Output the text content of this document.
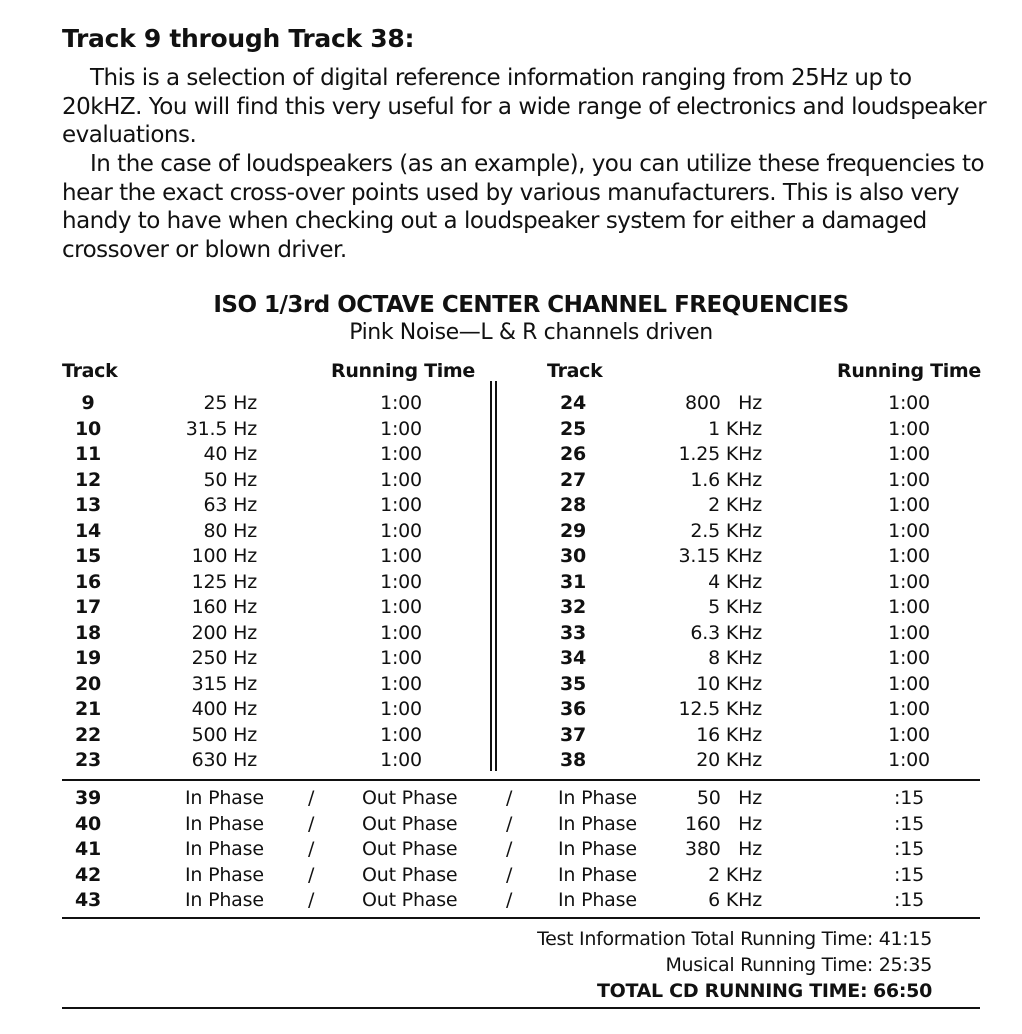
Track 9 through Track 38:

This is a selection of digital reference information ranging from 25Hz up to 20kHZ. You will find this very useful for a wide range of electronics and loudspeaker evaluations.

In the case of loudspeakers (as an example), you can utilize these frequencies to hear the exact cross-over points used by various manufacturers. This is also very handy to have when checking out a loudspeaker system for either a damaged crossover or blown driver.

ISO 1/3rd OCTAVE CENTER CHANNEL FREQUENCIES
Pink Noise—L & R channels driven
Track	Running Time	Track	Running Time
9	25 Hz	1:00	24	800   Hz	1:00
10	31.5 Hz	1:00	25	1 KHz	1:00
11	40 Hz	1:00	26	1.25 KHz	1:00
12	50 Hz	1:00	27	1.6 KHz	1:00
13	63 Hz	1:00	28	2 KHz	1:00
14	80 Hz	1:00	29	2.5 KHz	1:00
15	100 Hz	1:00	30	3.15 KHz	1:00
16	125 Hz	1:00	31	4 KHz	1:00
17	160 Hz	1:00	32	5 KHz	1:00
18	200 Hz	1:00	33	6.3 KHz	1:00
19	250 Hz	1:00	34	8 KHz	1:00
20	315 Hz	1:00	35	10 KHz	1:00
21	400 Hz	1:00	36	12.5 KHz	1:00
22	500 Hz	1:00	37	16 KHz	1:00
23	630 Hz	1:00	38	20 KHz	1:00
39	In Phase /	Out Phase	/ In Phase	50   Hz	:15
40	In Phase /	Out Phase	/ In Phase	160   Hz	:15
41	In Phase /	Out Phase	/ In Phase	380   Hz	:15
42	In Phase /	Out Phase	/ In Phase	2 KHz	:15
43	In Phase /	Out Phase	/ In Phase	6 KHz	:15
Test Information Total Running Time: 41:15
Musical Running Time: 25:35
TOTAL CD RUNNING TIME: 66:50
